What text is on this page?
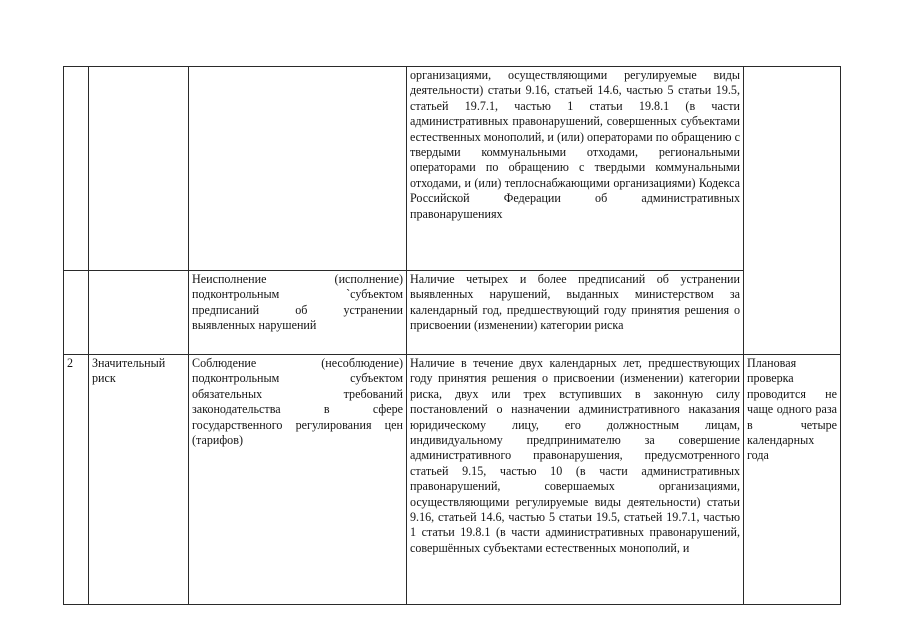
			организациями, осуществляющими регулируемые виды деятельности) статьи 9.16, статьей 14.6, частью 5 статьи 19.5, статьей 19.7.1, частью 1 статьи 19.8.1 (в части административных правонарушений, совершенных субъектами естественных монополий, и (или) операторами по обращению с твердыми коммунальными отходами, региональными операторами по обращению с твердыми коммунальными отходами, и (или) теплоснабжающими организациями) Кодекса Российской Федерации об административных правонарушениях	
		Неисполнение (исполнение) подконтрольным `субъектом предписаний об устранении выявленных нарушений	Наличие четырех и более предписаний об устранении выявленных нарушений, выданных министерством за календарный год, предшествующий году принятия решения о присвоении (изменении) категории риска	
2	Значительный риск	Соблюдение (несоблюдение) подконтрольным субъектом обязательных требований законодательства в сфере государственного регулирования цен (тарифов)	Наличие в течение двух календарных лет, предшествующих году принятия решения о присвоении (изменении) категории риска, двух или трех вступивших в законную силу постановлений о назначении административного наказания юридическому лицу, его должностным лицам, индивидуальному предпринимателю за совершение административного правонарушения, предусмотренного статьей 9.15, частью 10 (в части административных правонарушений, совершаемых организациями, осуществляющими регулируемые виды деятельности) статьи 9.16, статьей 14.6, частью 5 статьи 19.5, статьей 19.7.1, частью 1 статьи 19.8.1 (в части административных правонарушений, совершённых субъектами естественных монополий, и	Плановая проверка проводится не чаще одного раза в четыре календарных года
